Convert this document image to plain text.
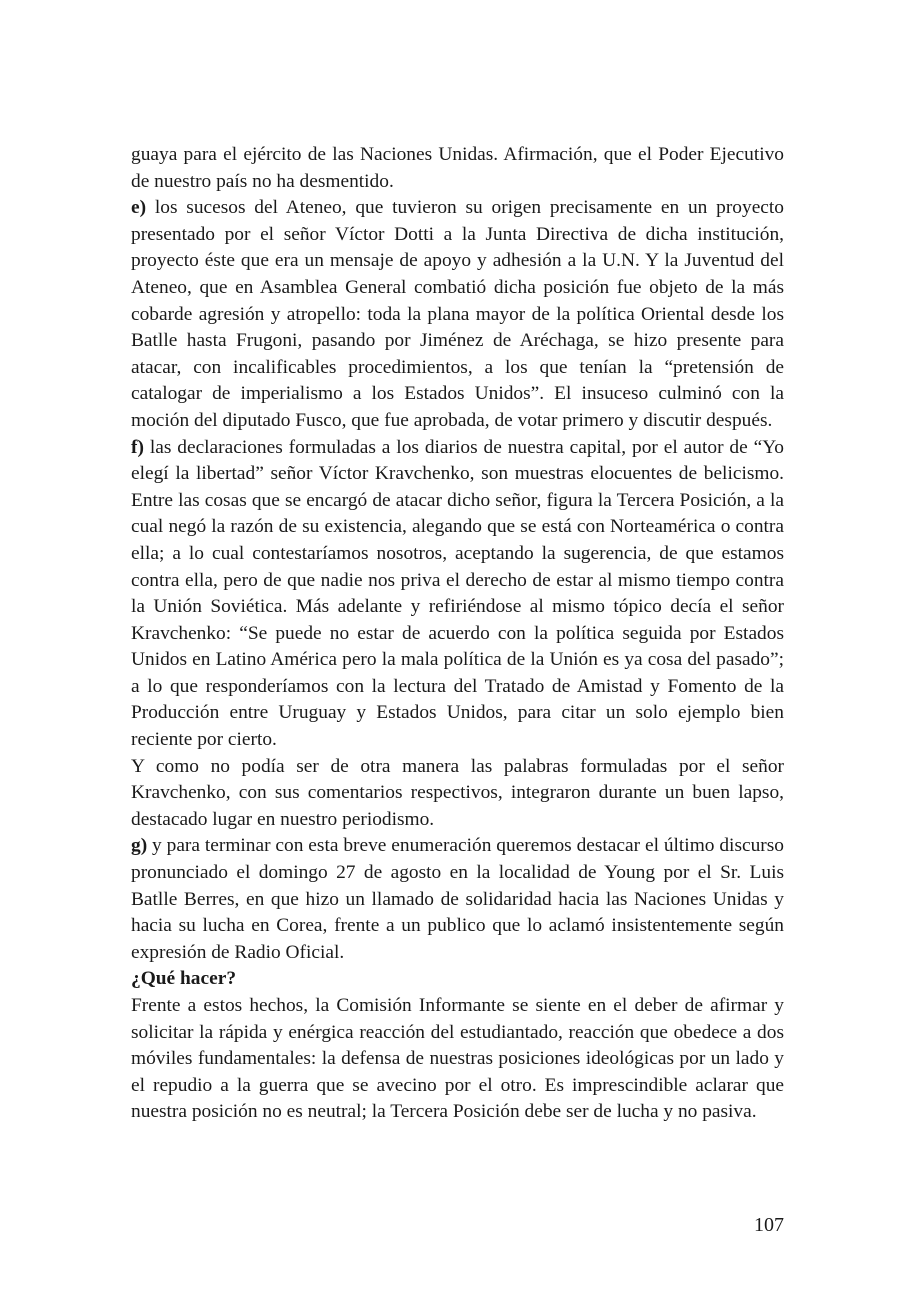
guaya para el ejército de las Naciones Unidas. Afirmación, que el Poder Ejecutivo de nuestro país no ha desmentido.

e) los sucesos del Ateneo, que tuvieron su origen precisamente en un proyecto presentado por el señor Víctor Dotti a la Junta Directiva de dicha institución, proyecto éste que era un mensaje de apoyo y adhesión a la U.N. Y la Juventud del Ateneo, que en Asamblea General combatió dicha posición fue objeto de la más cobarde agresión y atropello: toda la plana mayor de la política Oriental desde los Batlle hasta Frugoni, pasando por Jiménez de Aréchaga, se hizo presente para atacar, con incalificables procedimientos, a los que tenían la “pretensión de catalogar de imperialismo a los Estados Unidos”. El insuceso culminó con la moción del diputado Fusco, que fue aprobada, de votar primero y discutir después.

f) las declaraciones formuladas a los diarios de nuestra capital, por el autor de “Yo elegí la libertad” señor Víctor Kravchenko, son muestras elocuentes de belicismo. Entre las cosas que se encargó de atacar dicho señor, figura la Tercera Posición, a la cual negó la razón de su existencia, alegando que se está con Norteamérica o contra ella; a lo cual contestaríamos nosotros, aceptando la sugerencia, de que estamos contra ella, pero de que nadie nos priva el derecho de estar al mismo tiempo contra la Unión Soviética. Más adelante y refiriéndose al mismo tópico decía el señor Kravchenko: “Se puede no estar de acuerdo con la política seguida por Estados Unidos en Latino América pero la mala política de la Unión es ya cosa del pasado”; a lo que responderíamos con la lectura del Tratado de Amistad y Fomento de la Producción entre Uruguay y Estados Unidos, para citar un solo ejemplo bien reciente por cierto.

Y como no podía ser de otra manera las palabras formuladas por el señor Kravchenko, con sus comentarios respectivos, integraron durante un buen lapso, destacado lugar en nuestro periodismo.

g) y para terminar con esta breve enumeración queremos destacar el último discurso pronunciado el domingo 27 de agosto en la localidad de Young por el Sr. Luis Batlle Berres, en que hizo un llamado de solidaridad hacia las Naciones Unidas y hacia su lucha en Corea, frente a un publico que lo aclamó insistentemente según expresión de Radio Oficial.

¿Qué hacer?

Frente a estos hechos, la Comisión Informante se siente en el deber de afirmar y solicitar la rápida y enérgica reacción del estudiantado, reacción que obedece a dos móviles fundamentales: la defensa de nuestras posiciones ideológicas por un lado y el repudio a la guerra que se avecino por el otro. Es imprescindible aclarar que nuestra posición no es neutral; la Tercera Posición debe ser de lucha y no pasiva.

107
